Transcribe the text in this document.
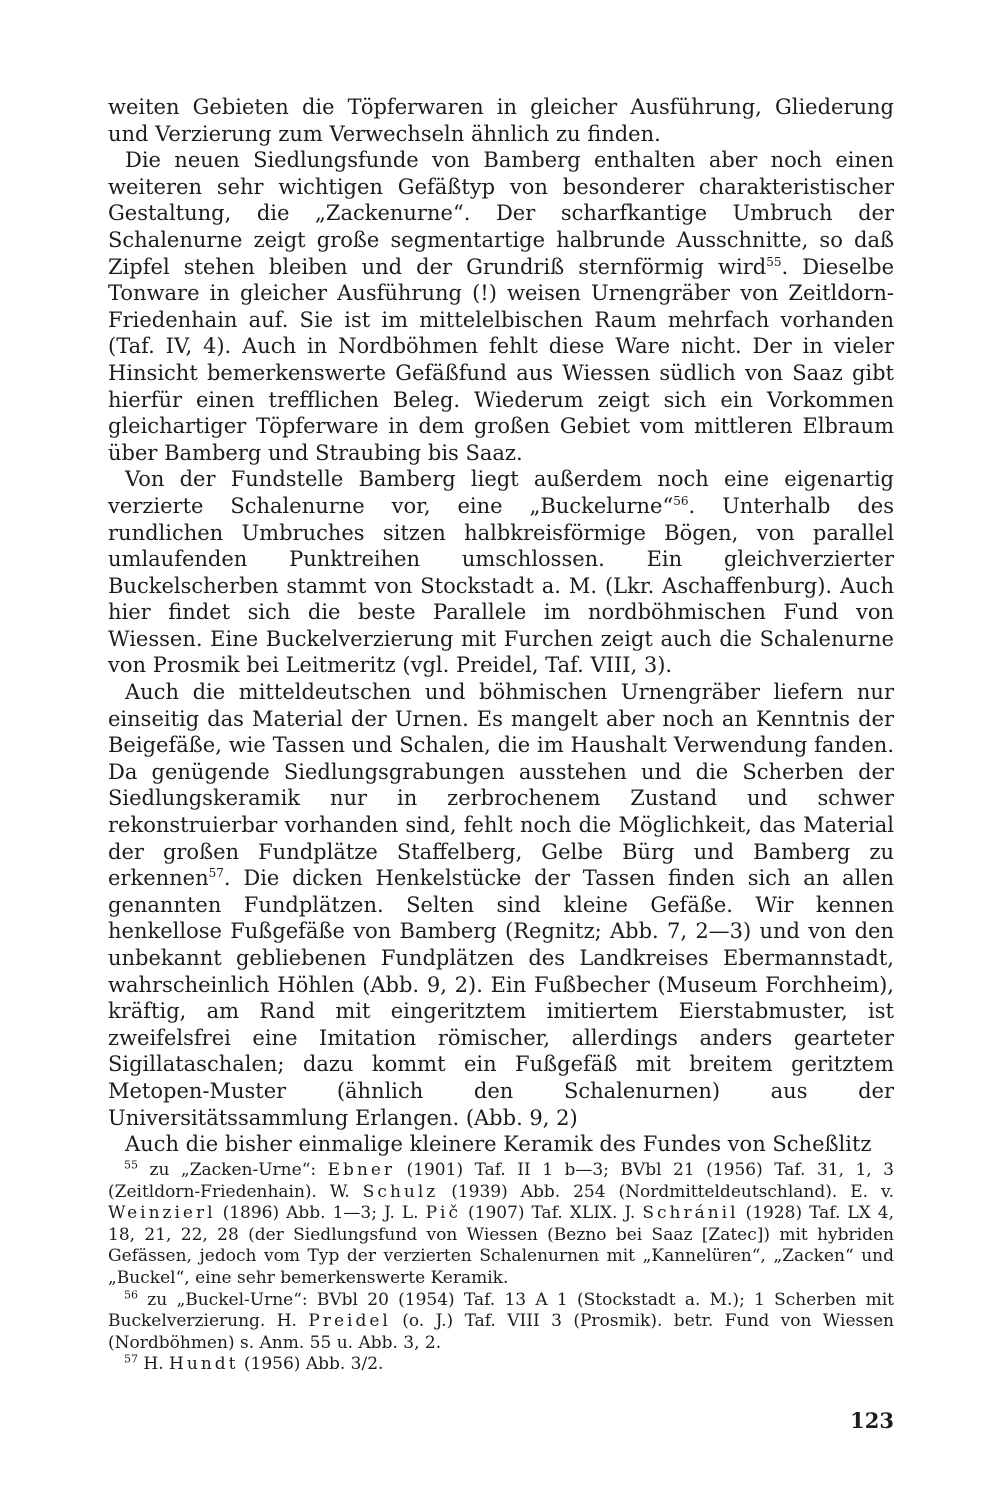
weiten Gebieten die Töpferwaren in gleicher Ausführung, Gliederung und Verzierung zum Verwechseln ähnlich zu finden.

Die neuen Siedlungsfunde von Bamberg enthalten aber noch einen weiteren sehr wichtigen Gefäßtyp von besonderer charakteristischer Gestaltung, die „Zackenurne“. Der scharfkantige Umbruch der Schalenurne zeigt große segmentartige halbrunde Ausschnitte, so daß Zipfel stehen bleiben und der Grundriß sternförmig wird$^{55}$. Dieselbe Tonware in gleicher Ausführung (!) weisen Urnengräber von Zeitldorn-Friedenhain auf. Sie ist im mittelelbischen Raum mehrfach vorhanden (Taf. IV, 4). Auch in Nordböhmen fehlt diese Ware nicht. Der in vieler Hinsicht bemerkenswerte Gefäßfund aus Wiessen südlich von Saaz gibt hierfür einen trefflichen Beleg. Wiederum zeigt sich ein Vorkommen gleichartiger Töpferware in dem großen Gebiet vom mittleren Elbraum über Bamberg und Straubing bis Saaz.

Von der Fundstelle Bamberg liegt außerdem noch eine eigenartig verzierte Schalenurne vor, eine „Buckelurne“$^{56}$. Unterhalb des rundlichen Umbruches sitzen halbkreisförmige Bögen, von parallel umlaufenden Punktreihen umschlossen. Ein gleichverzierter Buckelscherben stammt von Stockstadt a. M. (Lkr. Aschaffenburg). Auch hier findet sich die beste Parallele im nordböhmischen Fund von Wiessen. Eine Buckelverzierung mit Furchen zeigt auch die Schalenurne von Prosmik bei Leitmeritz (vgl. Preidel, Taf. VIII, 3).

Auch die mitteldeutschen und böhmischen Urnengräber liefern nur einseitig das Material der Urnen. Es mangelt aber noch an Kenntnis der Beigefäße, wie Tassen und Schalen, die im Haushalt Verwendung fanden. Da genügende Siedlungsgrabungen ausstehen und die Scherben der Siedlungskeramik nur in zerbrochenem Zustand und schwer rekonstruierbar vorhanden sind, fehlt noch die Möglichkeit, das Material der großen Fundplätze Staffelberg, Gelbe Bürg und Bamberg zu erkennen$^{57}$. Die dicken Henkelstücke der Tassen finden sich an allen genannten Fundplätzen. Selten sind kleine Gefäße. Wir kennen henkellose Fußgefäße von Bamberg (Regnitz; Abb. 7, 2—3) und von den unbekannt gebliebenen Fundplätzen des Landkreises Ebermannstadt, wahrscheinlich Höhlen (Abb. 9, 2). Ein Fußbecher (Museum Forchheim), kräftig, am Rand mit eingeritztem imitiertem Eierstabmuster, ist zweifelsfrei eine Imitation römischer, allerdings anders gearteter Sigillataschalen; dazu kommt ein Fußgefäß mit breitem geritztem Metopen-Muster (ähnlich den Schalenurnen) aus der Universitätssammlung Erlangen. (Abb. 9, 2)

Auch die bisher einmalige kleinere Keramik des Fundes von Scheßlitz

$^{55}$ zu „Zacken-Urne“: Ebner (1901) Taf. II 1 b—3; BVbl 21 (1956) Taf. 31, 1, 3 (Zeitldorn-Friedenhain). W. Schulz (1939) Abb. 254 (Nordmitteldeutschland). E. v. Weinzierl (1896) Abb. 1—3; J. L. Pič (1907) Taf. XLIX. J. Schránil (1928) Taf. LX 4, 18, 21, 22, 28 (der Siedlungsfund von Wiessen (Bezno bei Saaz [Zatec]) mit hybriden Gefässen, jedoch vom Typ der verzierten Schalenurnen mit „Kannelüren“, „Zacken“ und „Buckel“, eine sehr bemerkenswerte Keramik.

$^{56}$ zu „Buckel-Urne“: BVbl 20 (1954) Taf. 13 A 1 (Stockstadt a. M.); 1 Scherben mit Buckelverzierung. H. Preidel (o. J.) Taf. VIII 3 (Prosmik). betr. Fund von Wiessen (Nordböhmen) s. Anm. 55 u. Abb. 3, 2.

$^{57}$ H. Hundt (1956) Abb. 3/2.

123
